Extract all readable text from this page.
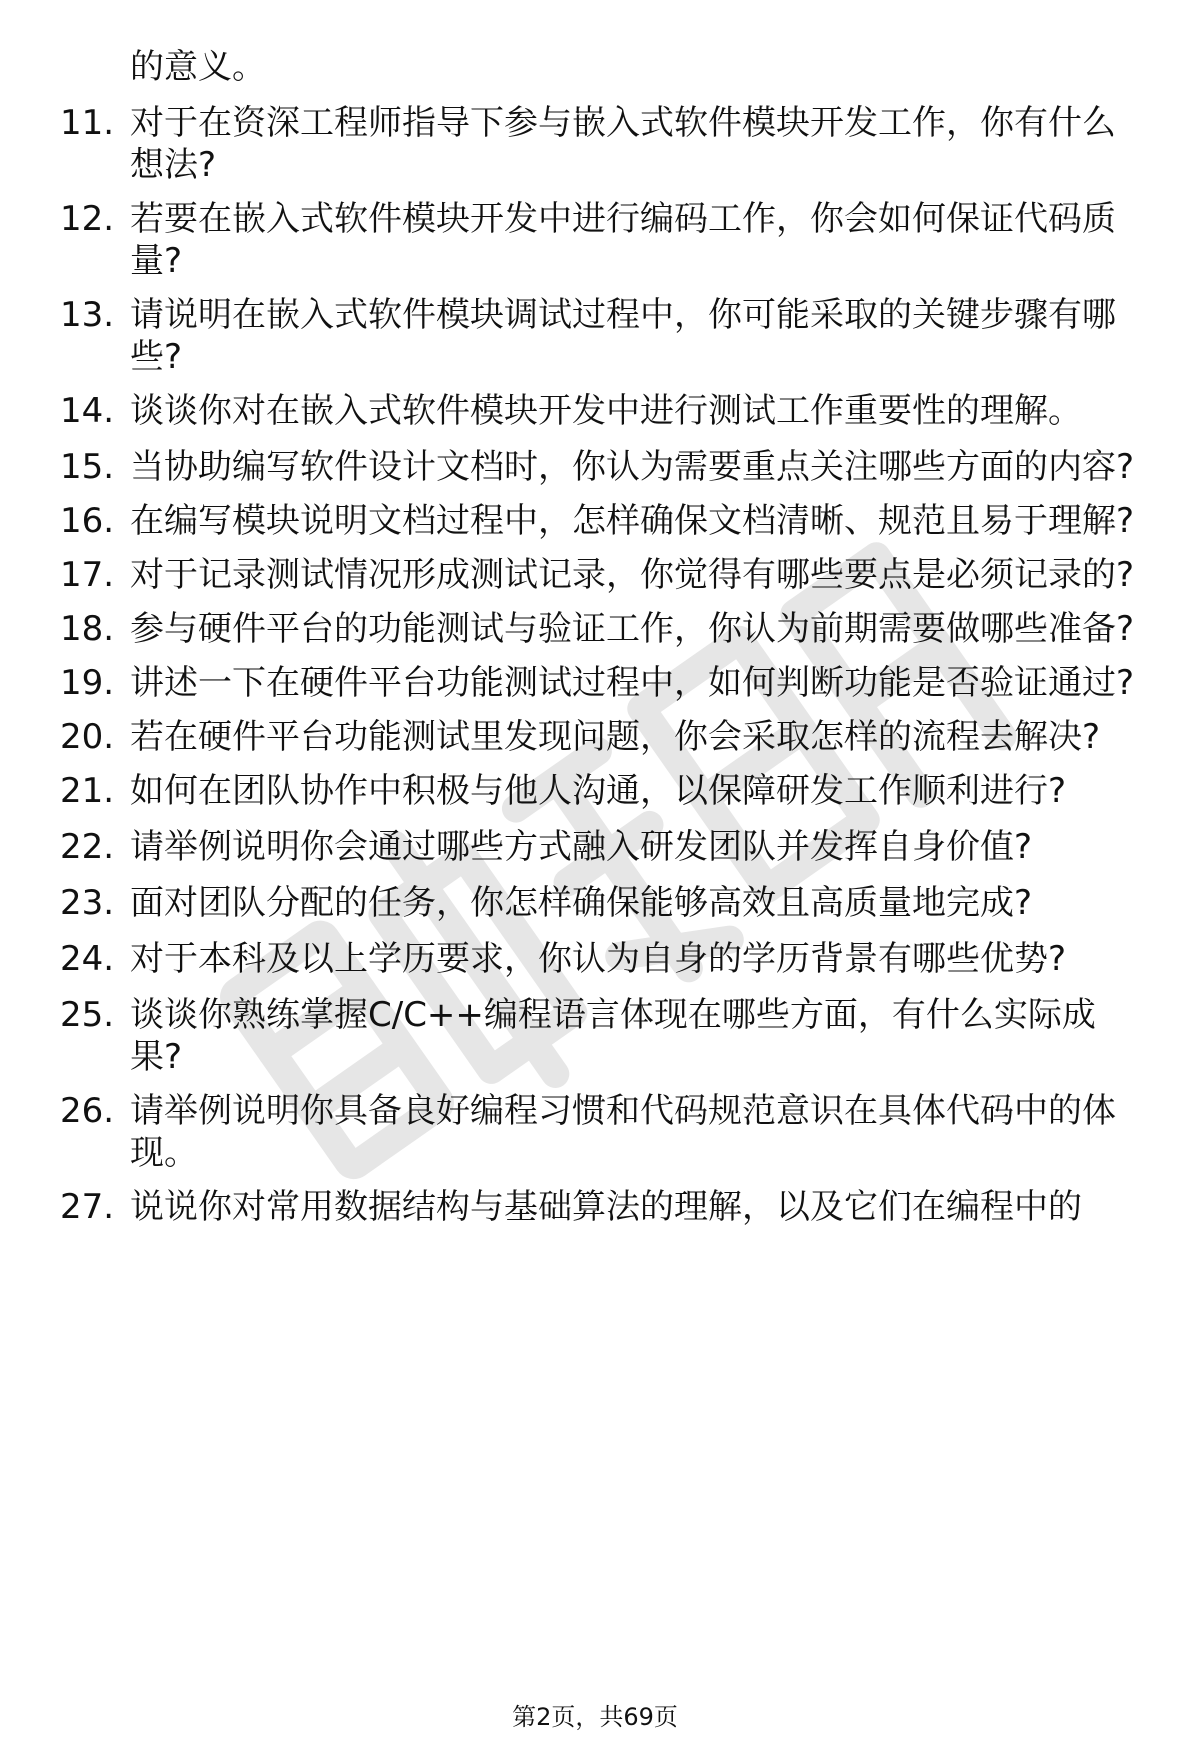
的意义。
11. 对于在资深工程师指导下参与嵌入式软件模块开发工作，你有什么想法?
12. 若要在嵌入式软件模块开发中进行编码工作，你会如何保证代码质量?
13. 请说明在嵌入式软件模块调试过程中，你可能采取的关键步骤有哪些?
14. 谈谈你对在嵌入式软件模块开发中进行测试工作重要性的理解。
15. 当协助编写软件设计文档时，你认为需要重点关注哪些方面的内容?
16. 在编写模块说明文档过程中，怎样确保文档清晰、规范且易于理解?
17. 对于记录测试情况形成测试记录，你觉得有哪些要点是必须记录的?
18. 参与硬件平台的功能测试与验证工作，你认为前期需要做哪些准备?
19. 讲述一下在硬件平台功能测试过程中，如何判断功能是否验证通过?
20. 若在硬件平台功能测试里发现问题，你会采取怎样的流程去解决?
21. 如何在团队协作中积极与他人沟通，以保障研发工作顺利进行?
22. 请举例说明你会通过哪些方式融入研发团队并发挥自身价值?
23. 面对团队分配的任务，你怎样确保能够高效且高质量地完成?
24. 对于本科及以上学历要求，你认为自身的学历背景有哪些优势?
25. 谈谈你熟练掌握C/C++编程语言体现在哪些方面，有什么实际成果?
26. 请举例说明你具备良好编程习惯和代码规范意识在具体代码中的体现。
27. 说说你对常用数据结构与基础算法的理解，以及它们在编程中的
第2页，共69页
